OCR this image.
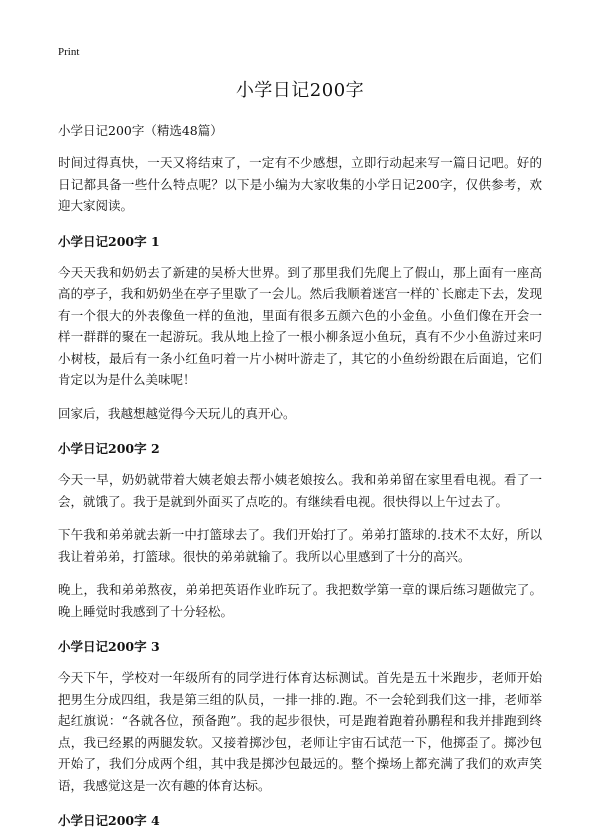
Print
小学日记200字

小学日记200字（精选48篇）

时间过得真快，一天又将结束了，一定有不少感想，立即行动起来写一篇日记吧。好的日记都具备一些什么特点呢？以下是小编为大家收集的小学日记200字，仅供参考，欢迎大家阅读。

小学日记200字 1

今天天我和奶奶去了新建的吴桥大世界。到了那里我们先爬上了假山，那上面有一座高高的亭子，我和奶奶坐在亭子里歇了一会儿。然后我顺着迷宫一样的`长廊走下去，发现有一个很大的外表像鱼一样的鱼池，里面有很多五颜六色的小金鱼。小鱼们像在开会一样一群群的聚在一起游玩。我从地上捡了一根小柳条逗小鱼玩，真有不少小鱼游过来叼小树枝，最后有一条小红鱼叼着一片小树叶游走了，其它的小鱼纷纷跟在后面追，它们肯定以为是什么美味呢！

回家后，我越想越觉得今天玩儿的真开心。

小学日记200字 2

今天一早，奶奶就带着大姨老娘去帮小姨老娘按么。我和弟弟留在家里看电视。看了一会，就饿了。我于是就到外面买了点吃的。有继续看电视。很快得以上午过去了。

下午我和弟弟就去新一中打篮球去了。我们开始打了。弟弟打篮球的.技术不太好，所以我让着弟弟，打篮球。很快的弟弟就输了。我所以心里感到了十分的高兴。

晚上，我和弟弟熬夜，弟弟把英语作业昨玩了。我把数学第一章的课后练习题做完了。晚上睡觉时我感到了十分轻松。

小学日记200字 3

今天下午，学校对一年级所有的同学进行体育达标测试。首先是五十米跑步，老师开始把男生分成四组，我是第三组的队员，一排一排的.跑。不一会轮到我们这一排，老师举起红旗说：“各就各位，预备跑”。我的起步很快，可是跑着跑着孙鹏程和我并排跑到终点，我已经累的两腿发软。又接着掷沙包，老师让宇宙石试范一下，他掷歪了。掷沙包开始了，我们分成两个组，其中我是掷沙包最远的。整个操场上都充满了我们的欢声笑语，我感觉这是一次有趣的体育达标。

小学日记200字 4
